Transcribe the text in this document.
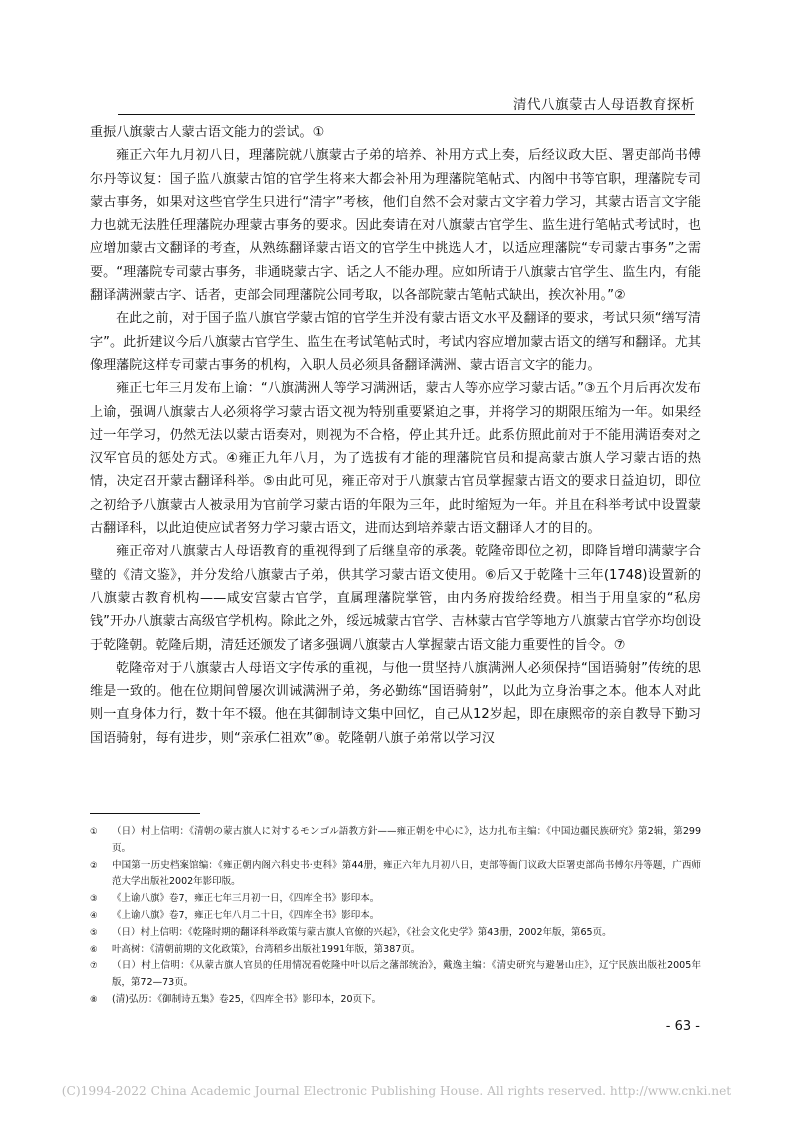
清代八旗蒙古人母语教育探析

重振八旗蒙古人蒙古语文能力的尝试。①

雍正六年九月初八日，理藩院就八旗蒙古子弟的培养、补用方式上奏，后经议政大臣、署吏部尚书傅尔丹等议复：国子监八旗蒙古馆的官学生将来大都会补用为理藩院笔帖式、内阁中书等官职，理藩院专司蒙古事务，如果对这些官学生只进行“清字”考核，他们自然不会对蒙古文字着力学习，其蒙古语言文字能力也就无法胜任理藩院办理蒙古事务的要求。因此奏请在对八旗蒙古官学生、监生进行笔帖式考试时，也应增加蒙古文翻译的考查，从熟练翻译蒙古语文的官学生中挑选人才，以适应理藩院“专司蒙古事务”之需要。“理藩院专司蒙古事务，非通晓蒙古字、话之人不能办理。应如所请于八旗蒙古官学生、监生内，有能翻译满洲蒙古字、话者，吏部会同理藩院公同考取，以各部院蒙古笔帖式缺出，挨次补用。”②

在此之前，对于国子监八旗官学蒙古馆的官学生并没有蒙古语文水平及翻译的要求，考试只须“缮写清字”。此折建议今后八旗蒙古官学生、监生在考试笔帖式时，考试内容应增加蒙古语文的缮写和翻译。尤其像理藩院这样专司蒙古事务的机构，入职人员必须具备翻译满洲、蒙古语言文字的能力。

雍正七年三月发布上谕：“八旗满洲人等学习满洲话，蒙古人等亦应学习蒙古话。”③五个月后再次发布上谕，强调八旗蒙古人必须将学习蒙古语文视为特别重要紧迫之事，并将学习的期限压缩为一年。如果经过一年学习，仍然无法以蒙古语奏对，则视为不合格，停止其升迁。此系仿照此前对于不能用满语奏对之汉军官员的惩处方式。④雍正九年八月，为了选拔有才能的理藩院官员和提高蒙古旗人学习蒙古语的热情，决定召开蒙古翻译科举。⑤由此可见，雍正帝对于八旗蒙古官员掌握蒙古语文的要求日益迫切，即位之初给予八旗蒙古人被录用为官前学习蒙古语的年限为三年，此时缩短为一年。并且在科举考试中设置蒙古翻译科，以此迫使应试者努力学习蒙古语文，进而达到培养蒙古语文翻译人才的目的。

雍正帝对八旗蒙古人母语教育的重视得到了后继皇帝的承袭。乾隆帝即位之初，即降旨增印满蒙字合璧的《清文鉴》，并分发给八旗蒙古子弟，供其学习蒙古语文使用。⑥后又于乾隆十三年(1748)设置新的八旗蒙古教育机构——咸安宫蒙古官学，直属理藩院掌管，由内务府拨给经费。相当于用皇家的“私房钱”开办八旗蒙古高级官学机构。除此之外，绥远城蒙古官学、吉林蒙古官学等地方八旗蒙古官学亦均创设于乾隆朝。乾隆后期，清廷还颁发了诸多强调八旗蒙古人掌握蒙古语文能力重要性的旨令。⑦

乾隆帝对于八旗蒙古人母语文字传承的重视，与他一贯坚持八旗满洲人必须保持“国语骑射”传统的思维是一致的。他在位期间曾屡次训诫满洲子弟，务必勤练“国语骑射”，以此为立身治事之本。他本人对此则一直身体力行，数十年不辍。他在其御制诗文集中回忆，自己从12岁起，即在康熙帝的亲自教导下勤习国语骑射，每有进步，则“亲承仁祖欢”⑧。乾隆朝八旗子弟常以学习汉

①	（日）村上信明：《清朝の蒙古旗人に対するモンゴル語教方針——雍正朝を中心に》，达力扎布主编：《中国边疆民族研究》第2辑，第299页。
②	中国第一历史档案馆编：《雍正朝内阁六科史书·吏科》第44册，雍正六年九月初八日，吏部等衙门议政大臣署吏部尚书傅尔丹等题，广西师范大学出版社2002年影印版。
③	《上谕八旗》卷7，雍正七年三月初一日，《四库全书》影印本。
④	《上谕八旗》卷7，雍正七年八月二十日，《四库全书》影印本。
⑤	（日）村上信明：《乾隆时期的翻译科举政策与蒙古旗人官僚的兴起》，《社会文化史学》第43册，2002年版，第65页。
⑥	叶高树：《清朝前期的文化政策》，台湾稻乡出版社1991年版，第387页。
⑦	（日）村上信明：《从蒙古旗人官员的任用情况看乾隆中叶以后之藩部统治》，戴逸主编：《清史研究与避暑山庄》，辽宁民族出版社2005年版，第72—73页。
⑧	(清)弘历：《御制诗五集》卷25，《四库全书》影印本，20页下。
- 63 -
(C)1994-2022 China Academic Journal Electronic Publishing House. All rights reserved. http://www.cnki.net
